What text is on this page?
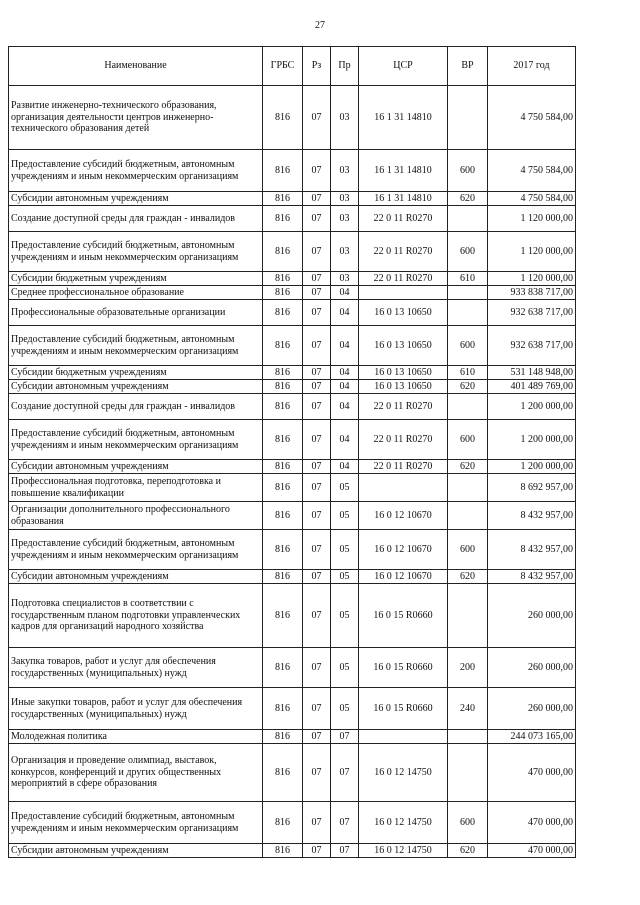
27
Наименование	ГРБС	Рз	Пр	ЦСР	ВР	2017 год
Развитие инженерно-технического образования, организация деятельности центров инженерно-технического образования детей	816	07	03	16 1 31 14810		4 750 584,00
Предоставление субсидий бюджетным, автономным учреждениям и иным некоммерческим организациям	816	07	03	16 1 31 14810	600	4 750 584,00
Субсидии автономным учреждениям	816	07	03	16 1 31 14810	620	4 750 584,00
Создание доступной среды для граждан - инвалидов	816	07	03	22 0 11 R0270		1 120 000,00
Предоставление субсидий бюджетным, автономным учреждениям и иным некоммерческим организациям	816	07	03	22 0 11 R0270	600	1 120 000,00
Субсидии бюджетным учреждениям	816	07	03	22 0 11 R0270	610	1 120 000,00
Среднее профессиональное образование	816	07	04			933 838 717,00
Профессиональные образовательные организации	816	07	04	16 0 13 10650		932 638 717,00
Предоставление субсидий бюджетным, автономным учреждениям и иным некоммерческим организациям	816	07	04	16 0 13 10650	600	932 638 717,00
Субсидии бюджетным учреждениям	816	07	04	16 0 13 10650	610	531 148 948,00
Субсидии автономным учреждениям	816	07	04	16 0 13 10650	620	401 489 769,00
Создание доступной среды для граждан - инвалидов	816	07	04	22 0 11 R0270		1 200 000,00
Предоставление субсидий бюджетным, автономным учреждениям и иным некоммерческим организациям	816	07	04	22 0 11 R0270	600	1 200 000,00
Субсидии автономным учреждениям	816	07	04	22 0 11 R0270	620	1 200 000,00
Профессиональная подготовка, переподготовка и повышение квалификации	816	07	05			8 692 957,00
Организации дополнительного профессионального образования	816	07	05	16 0 12 10670		8 432 957,00
Предоставление субсидий бюджетным, автономным учреждениям и иным некоммерческим организациям	816	07	05	16 0 12 10670	600	8 432 957,00
Субсидии автономным учреждениям	816	07	05	16 0 12 10670	620	8 432 957,00
Подготовка специалистов в соответствии с государственным планом подготовки управленческих кадров для организаций народного хозяйства	816	07	05	16 0 15 R0660		260 000,00
Закупка товаров, работ и услуг для обеспечения государственных (муниципальных) нужд	816	07	05	16 0 15 R0660	200	260 000,00
Иные закупки товаров, работ и услуг для обеспечения государственных (муниципальных) нужд	816	07	05	16 0 15 R0660	240	260 000,00
Молодежная политика	816	07	07			244 073 165,00
Организация и проведение олимпиад, выставок, конкурсов, конференций и других общественных мероприятий в сфере образования	816	07	07	16 0 12 14750		470 000,00
Предоставление субсидий бюджетным, автономным учреждениям и иным некоммерческим организациям	816	07	07	16 0 12 14750	600	470 000,00
Субсидии автономным учреждениям	816	07	07	16 0 12 14750	620	470 000,00
